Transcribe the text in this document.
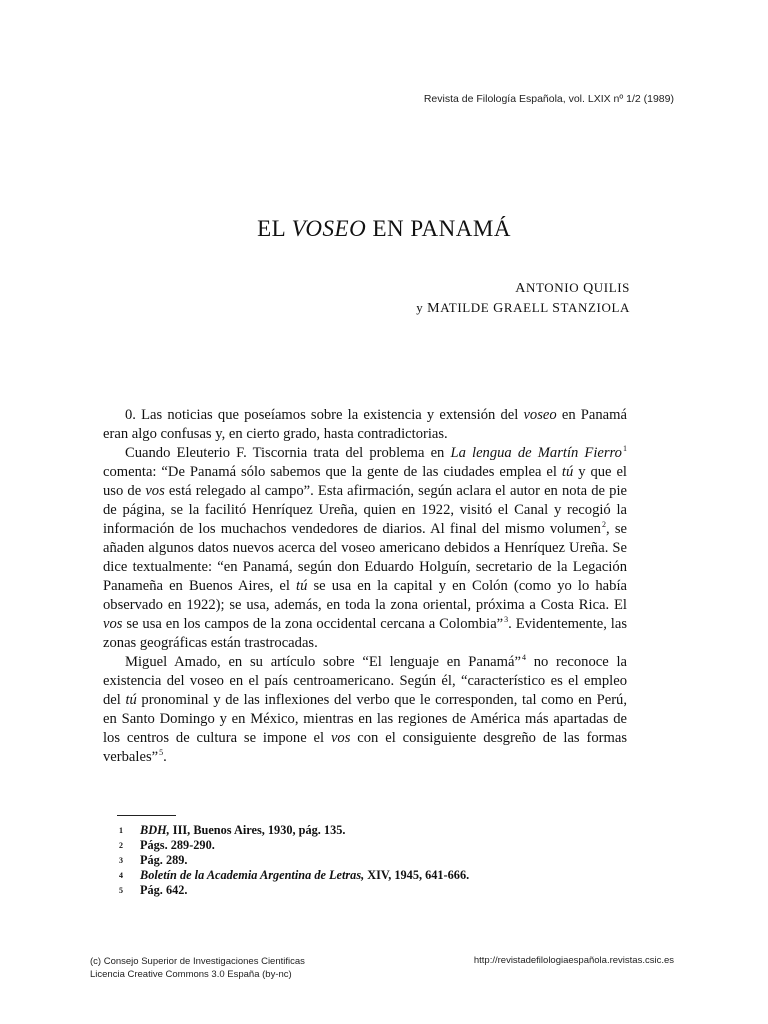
Revista de Filología Española, vol. LXIX nº 1/2 (1989)
EL VOSEO EN PANAMÁ
ANTONIO QUILIS
y MATILDE GRAELL STANZIOLA

0. Las noticias que poseíamos sobre la existencia y extensión del voseo en Panamá eran algo confusas y, en cierto grado, hasta contradictorias.

Cuando Eleuterio F. Tiscornia trata del problema en La lengua de Martín Fierro$^1$ comenta: “De Panamá sólo sabemos que la gente de las ciudades emplea el tú y que el uso de vos está relegado al campo”. Esta afirmación, según aclara el autor en nota de pie de página, se la facilitó Henríquez Ureña, quien en 1922, visitó el Canal y recogió la información de los muchachos vendedores de diarios. Al final del mismo volumen$^2$, se añaden algunos datos nuevos acerca del voseo americano debidos a Henríquez Ureña. Se dice textualmente: “en Panamá, según don Eduardo Holguín, secretario de la Legación Panameña en Buenos Aires, el tú se usa en la capital y en Colón (como yo lo había observado en 1922); se usa, además, en toda la zona oriental, próxima a Costa Rica. El vos se usa en los campos de la zona occidental cercana a Colombia”$^3$. Evidentemente, las zonas geográficas están trastrocadas.

Miguel Amado, en su artículo sobre “El lenguaje en Panamá”$^4$ no reconoce la existencia del voseo en el país centroamericano. Según él, “característico es el empleo del tú pronominal y de las inflexiones del verbo que le corresponden, tal como en Perú, en Santo Domingo y en México, mientras en las regiones de América más apartadas de los centros de cultura se impone el vos con el consiguiente desgreño de las formas verbales”$^5$.

1	BDH, III, Buenos Aires, 1930, pág. 135.
2	Págs. 289-290.
3	Pág. 289.
4	Boletín de la Academia Argentina de Letras, XIV, 1945, 641-666.
5	Pág. 642.
(c) Consejo Superior de Investigaciones Cientificas
Licencia Creative Commons 3.0 España (by-nc)
http://revistadefilologiaespañola.revistas.csic.es
